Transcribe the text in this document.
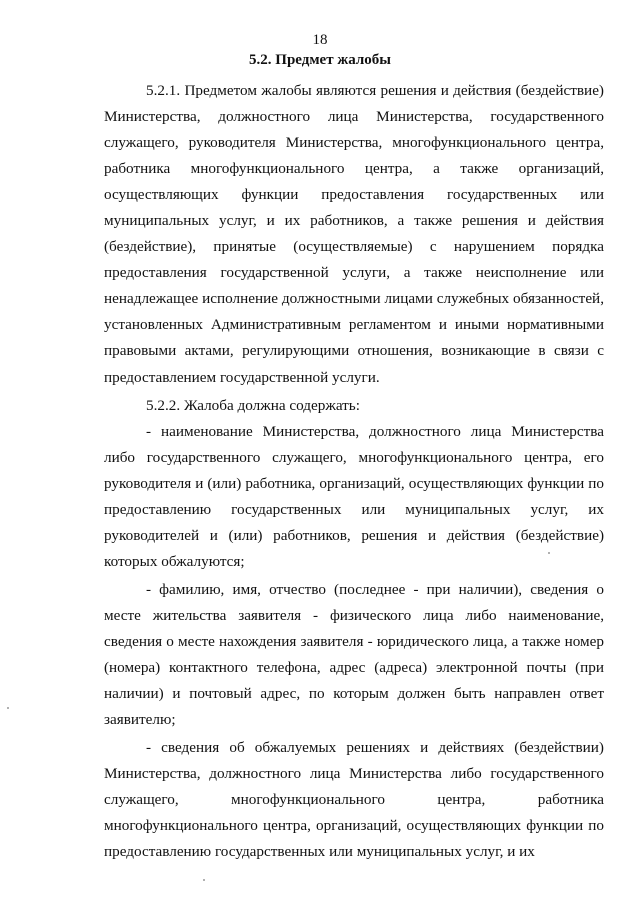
18
5.2. Предмет жалобы

5.2.1. Предметом жалобы являются решения и действия (бездействие) Министерства, должностного лица Министерства, государственного служащего, руководителя Министерства, многофункционального центра, работника многофункционального центра, а также организаций, осуществляющих функции предоставления государственных или муниципальных услуг, и их работников, а также решения и действия (бездействие), принятые (осуществляемые) с нарушением порядка предоставления государственной услуги, а также неисполнение или ненадлежащее исполнение должностными лицами служебных обязанностей, установленных Административным регламентом и иными нормативными правовыми актами, регулирующими отношения, возникающие в связи с предоставлением государственной услуги.

5.2.2. Жалоба должна содержать:

- наименование Министерства, должностного лица Министерства либо государственного служащего, многофункционального центра, его руководителя и (или) работника, организаций, осуществляющих функции по предоставлению государственных или муниципальных услуг, их руководителей и (или) работников, решения и действия (бездействие) которых обжалуются;

- фамилию, имя, отчество (последнее - при наличии), сведения о месте жительства заявителя - физического лица либо наименование, сведения о месте нахождения заявителя - юридического лица, а также номер (номера) контактного телефона, адрес (адреса) электронной почты (при наличии) и почтовый адрес, по которым должен быть направлен ответ заявителю;

- сведения об обжалуемых решениях и действиях (бездействии) Министерства, должностного лица Министерства либо государственного служащего, многофункционального центра, работника многофункционального центра, организаций, осуществляющих функции по предоставлению государственных или муниципальных услуг, и их
